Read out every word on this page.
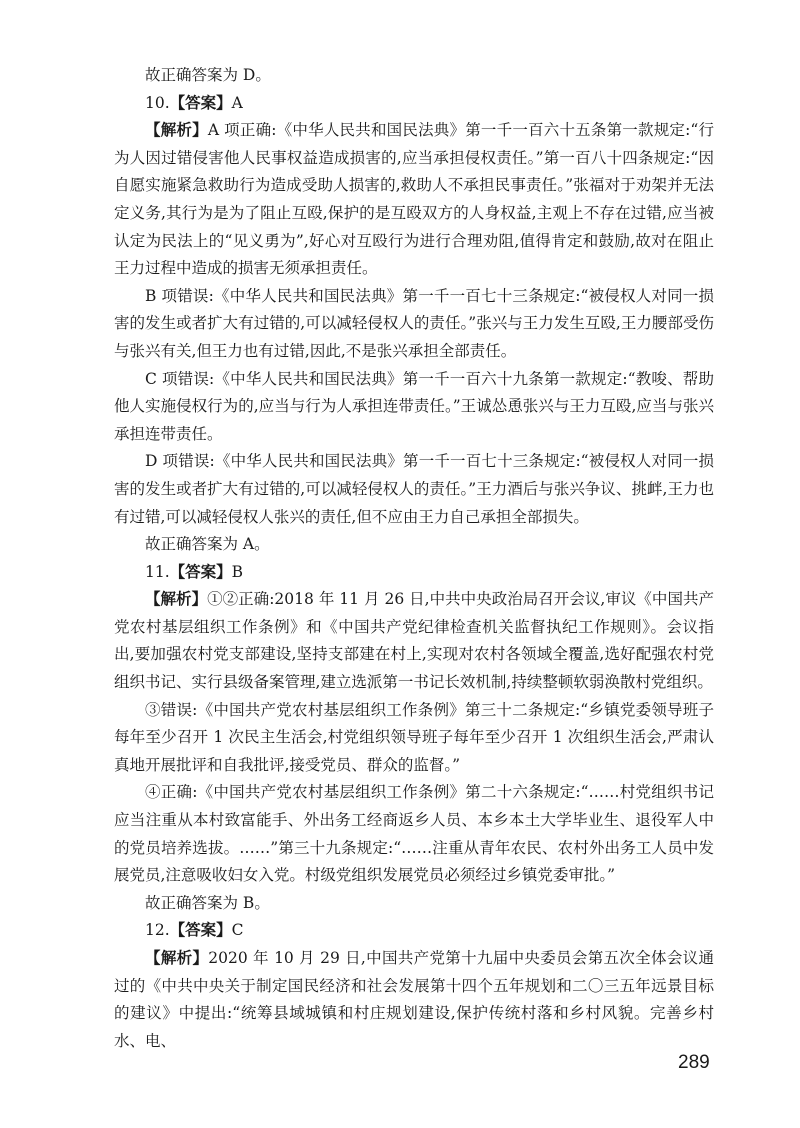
故正确答案为 D。

10.【答案】A

【解析】A 项正确:《中华人民共和国民法典》第一千一百六十五条第一款规定:“行为人因过错侵害他人民事权益造成损害的,应当承担侵权责任。”第一百八十四条规定:“因自愿实施紧急救助行为造成受助人损害的,救助人不承担民事责任。”张福对于劝架并无法定义务,其行为是为了阻止互殴,保护的是互殴双方的人身权益,主观上不存在过错,应当被认定为民法上的“见义勇为”,好心对互殴行为进行合理劝阻,值得肯定和鼓励,故对在阻止王力过程中造成的损害无须承担责任。

B 项错误:《中华人民共和国民法典》第一千一百七十三条规定:“被侵权人对同一损害的发生或者扩大有过错的,可以减轻侵权人的责任。”张兴与王力发生互殴,王力腰部受伤与张兴有关,但王力也有过错,因此,不是张兴承担全部责任。

C 项错误:《中华人民共和国民法典》第一千一百六十九条第一款规定:“教唆、帮助他人实施侵权行为的,应当与行为人承担连带责任。”王诚怂恿张兴与王力互殴,应当与张兴承担连带责任。

D 项错误:《中华人民共和国民法典》第一千一百七十三条规定:“被侵权人对同一损害的发生或者扩大有过错的,可以减轻侵权人的责任。”王力酒后与张兴争议、挑衅,王力也有过错,可以减轻侵权人张兴的责任,但不应由王力自己承担全部损失。

故正确答案为 A。

11.【答案】B

【解析】①②正确:2018 年 11 月 26 日,中共中央政治局召开会议,审议《中国共产党农村基层组织工作条例》和《中国共产党纪律检查机关监督执纪工作规则》。会议指出,要加强农村党支部建设,坚持支部建在村上,实现对农村各领域全覆盖,选好配强农村党组织书记、实行县级备案管理,建立选派第一书记长效机制,持续整顿软弱涣散村党组织。

③错误:《中国共产党农村基层组织工作条例》第三十二条规定:“乡镇党委领导班子每年至少召开 1 次民主生活会,村党组织领导班子每年至少召开 1 次组织生活会,严肃认真地开展批评和自我批评,接受党员、群众的监督。”

④正确:《中国共产党农村基层组织工作条例》第二十六条规定:“……村党组织书记应当注重从本村致富能手、外出务工经商返乡人员、本乡本土大学毕业生、退役军人中的党员培养选拔。……”第三十九条规定:“……注重从青年农民、农村外出务工人员中发展党员,注意吸收妇女入党。村级党组织发展党员必须经过乡镇党委审批。”

故正确答案为 B。

12.【答案】C

【解析】2020 年 10 月 29 日,中国共产党第十九届中央委员会第五次全体会议通过的《中共中央关于制定国民经济和社会发展第十四个五年规划和二〇三五年远景目标的建议》中提出:“统筹县域城镇和村庄规划建设,保护传统村落和乡村风貌。完善乡村水、电、

289
